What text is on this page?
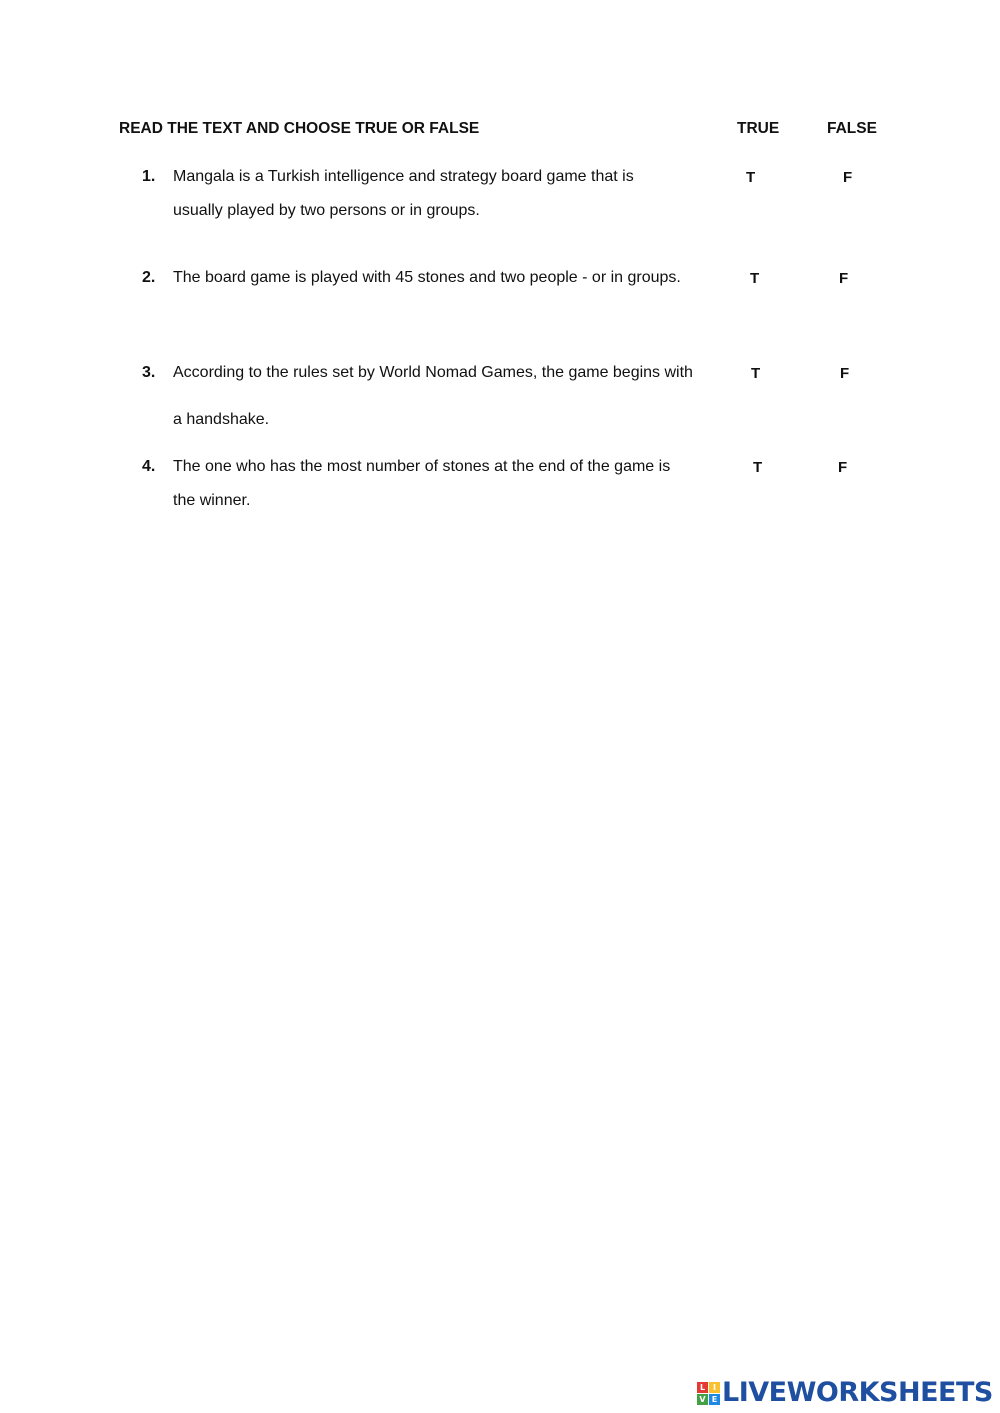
READ THE TEXT AND CHOOSE TRUE OR FALSE	TRUE	FALSE
1. Mangala is a Turkish intelligence and strategy board game that is
usually played by two persons or in groups.
T	F
2. The board game is played with 45 stones and two people - or in groups.	T	F
3. According to the rules set by World Nomad Games, the game begins with
a handshake.
T	F
4. The one who has the most number of stones at the end of the game is
the winner.
T	F
L I
V E LIVEWORKSHEETS
